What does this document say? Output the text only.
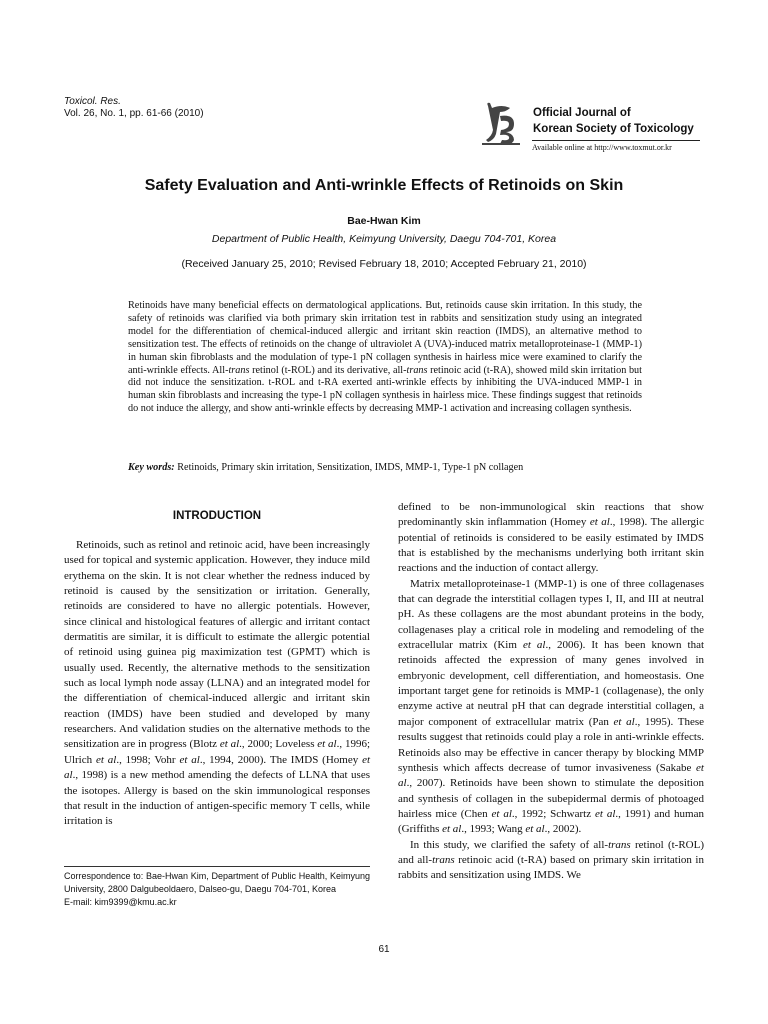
Toxicol. Res.
Vol. 26, No. 1, pp. 61-66 (2010)	Official Journal of
Korean Society of Toxicology
Available online at http://www.toxmut.or.kr
Safety Evaluation and Anti-wrinkle Effects of Retinoids on Skin
Bae-Hwan Kim
Department of Public Health, Keimyung University, Daegu 704-701, Korea
(Received January 25, 2010; Revised February 18, 2010; Accepted February 21, 2010)
Retinoids have many beneficial effects on dermatological applications. But, retinoids cause skin irritation. In this study, the safety of retinoids was clarified via both primary skin irritation test in rabbits and sensitization study using an integrated model for the differentiation of chemical-induced allergic and irritant skin reaction (IMDS), an alternative method to sensitization test. The effects of retinoids on the change of ultraviolet A (UVA)-induced matrix metalloproteinase-1 (MMP-1) in human skin fibroblasts and the modulation of type-1 pN collagen synthesis in hairless mice were examined to clarify the anti-wrinkle effects. All-trans retinol (t-ROL) and its derivative, all-trans retinoic acid (t-RA), showed mild skin irritation but did not induce the sensitization. t-ROL and t-RA exerted anti-wrinkle effects by inhibiting the UVA-induced MMP-1 in human skin fibroblasts and increasing the type-1 pN collagen synthesis in hairless mice. These findings suggest that retinoids do not induce the allergy, and show anti-wrinkle effects by decreasing MMP-1 activation and increasing collagen synthesis.
Key words: Retinoids, Primary skin irritation, Sensitization, IMDS, MMP-1, Type-1 pN collagen
INTRODUCTION

Retinoids, such as retinol and retinoic acid, have been increasingly used for topical and systemic application. However, they induce mild erythema on the skin. It is not clear whether the redness induced by retinoid is caused by the sensitization or irritation. Generally, retinoids are considered to have no allergic potentials. However, since clinical and histological features of allergic and irritant contact dermatitis are similar, it is difficult to estimate the allergic potential of retinoid using guinea pig maximization test (GPMT) which is usually used. Recently, the alternative methods to the sensitization such as local lymph node assay (LLNA) and an integrated model for the differentiation of chemical-induced allergic and irritant skin reaction (IMDS) have been studied and developed by many researchers. And validation studies on the alternative methods to the sensitization are in progress (Blotz et al., 2000; Loveless et al., 1996; Ulrich et al., 1998; Vohr et al., 1994, 2000). The IMDS (Homey et al., 1998) is a new method amending the defects of LLNA that uses the isotopes. Allergy is based on the skin immunological responses that result in the induction of antigen-specific memory T cells, while irritation is

defined to be non-immunological skin reactions that show predominantly skin inflammation (Homey et al., 1998). The allergic potential of retinoids is considered to be easily estimated by IMDS that is established by the mechanisms underlying both irritant skin reactions and the induction of contact allergy.

Matrix metalloproteinase-1 (MMP-1) is one of three collagenases that can degrade the interstitial collagen types I, II, and III at neutral pH. As these collagens are the most abundant proteins in the body, collagenases play a critical role in modeling and remodeling of the extracellular matrix (Kim et al., 2006). It has been known that retinoids affected the expression of many genes involved in embryonic development, cell differentiation, and homeostasis. One important target gene for retinoids is MMP-1 (collagenase), the only enzyme active at neutral pH that can degrade interstitial collagen, a major component of extracellular matrix (Pan et al., 1995). These results suggest that retinoids could play a role in anti-wrinkle effects. Retinoids also may be effective in cancer therapy by blocking MMP synthesis which affects decrease of tumor invasiveness (Sakabe et al., 2007). Retinoids have been shown to stimulate the deposition and synthesis of collagen in the subepidermal dermis of photoaged hairless mice (Chen et al., 1992; Schwartz et al., 1991) and human (Griffiths et al., 1993; Wang et al., 2002).

In this study, we clarified the safety of all-trans retinol (t-ROL) and all-trans retinoic acid (t-RA) based on primary skin irritation in rabbits and sensitization using IMDS. We

Correspondence to: Bae-Hwan Kim, Department of Public Health, Keimyung University, 2800 Dalgubeoldaero, Dalseo-gu, Daegu 704-701, Korea
E-mail: kim9399@kmu.ac.kr
61
